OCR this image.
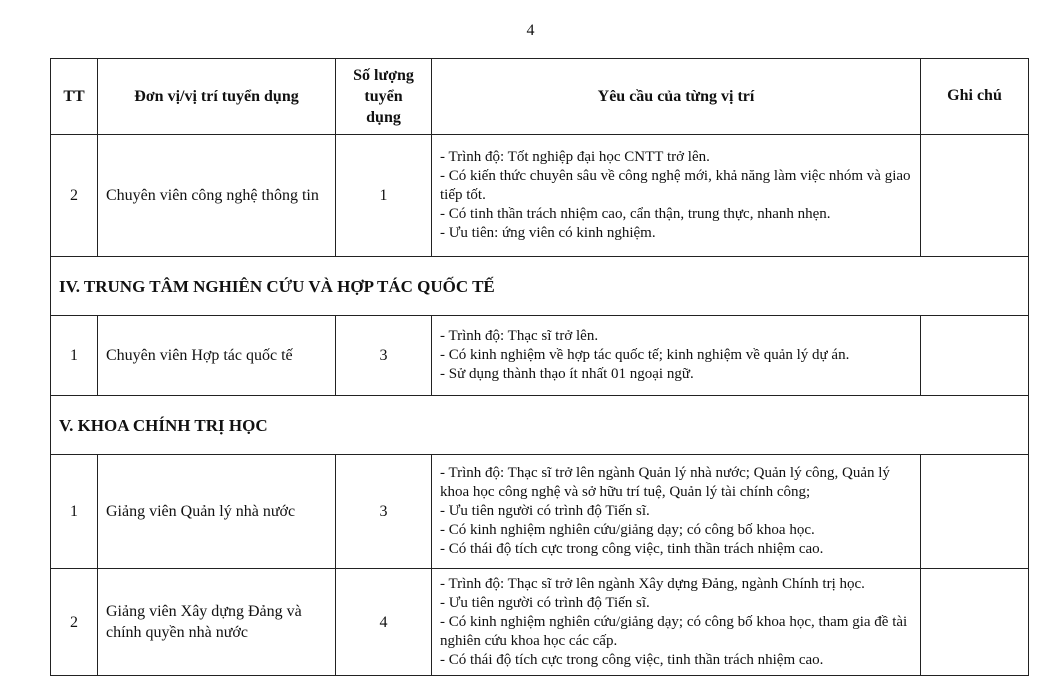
4
TT	Đơn vị/vị trí tuyển dụng	Số lượng tuyển dụng	Yêu cầu của từng vị trí	Ghi chú
2	Chuyên viên công nghệ thông tin	1	- Trình độ: Tốt nghiệp đại học CNTT trở lên.
- Có kiến thức chuyên sâu về công nghệ mới, khả năng làm việc nhóm và giao tiếp tốt.
- Có tinh thần trách nhiệm cao, cẩn thận, trung thực, nhanh nhẹn.
- Ưu tiên: ứng viên có kinh nghiệm.	

IV. TRUNG TÂM NGHIÊN CỨU VÀ HỢP TÁC QUỐC TẾ				
1	Chuyên viên Hợp tác quốc tế	3	- Trình độ: Thạc sĩ trở lên.
- Có kinh nghiệm về hợp tác quốc tế; kinh nghiệm về quản lý dự án.
- Sử dụng thành thạo ít nhất 01 ngoại ngữ.	

V. KHOA CHÍNH TRỊ HỌC				
1	Giảng viên Quản lý nhà nước	3	- Trình độ: Thạc sĩ trở lên ngành Quản lý nhà nước; Quản lý công, Quản lý khoa học công nghệ và sở hữu trí tuệ, Quản lý tài chính công;
- Ưu tiên người có trình độ Tiến sĩ.
- Có kinh nghiệm nghiên cứu/giảng dạy; có công bố khoa học.
- Có thái độ tích cực trong công việc, tinh thần trách nhiệm cao.	

2	Giảng viên Xây dựng Đảng và chính quyền nhà nước	4	- Trình độ: Thạc sĩ trở lên ngành Xây dựng Đảng, ngành Chính trị học.
- Ưu tiên người có trình độ Tiến sĩ.
- Có kinh nghiệm nghiên cứu/giảng dạy; có công bố khoa học, tham gia đề tài nghiên cứu khoa học các cấp.
- Có thái độ tích cực trong công việc, tinh thần trách nhiệm cao.	
